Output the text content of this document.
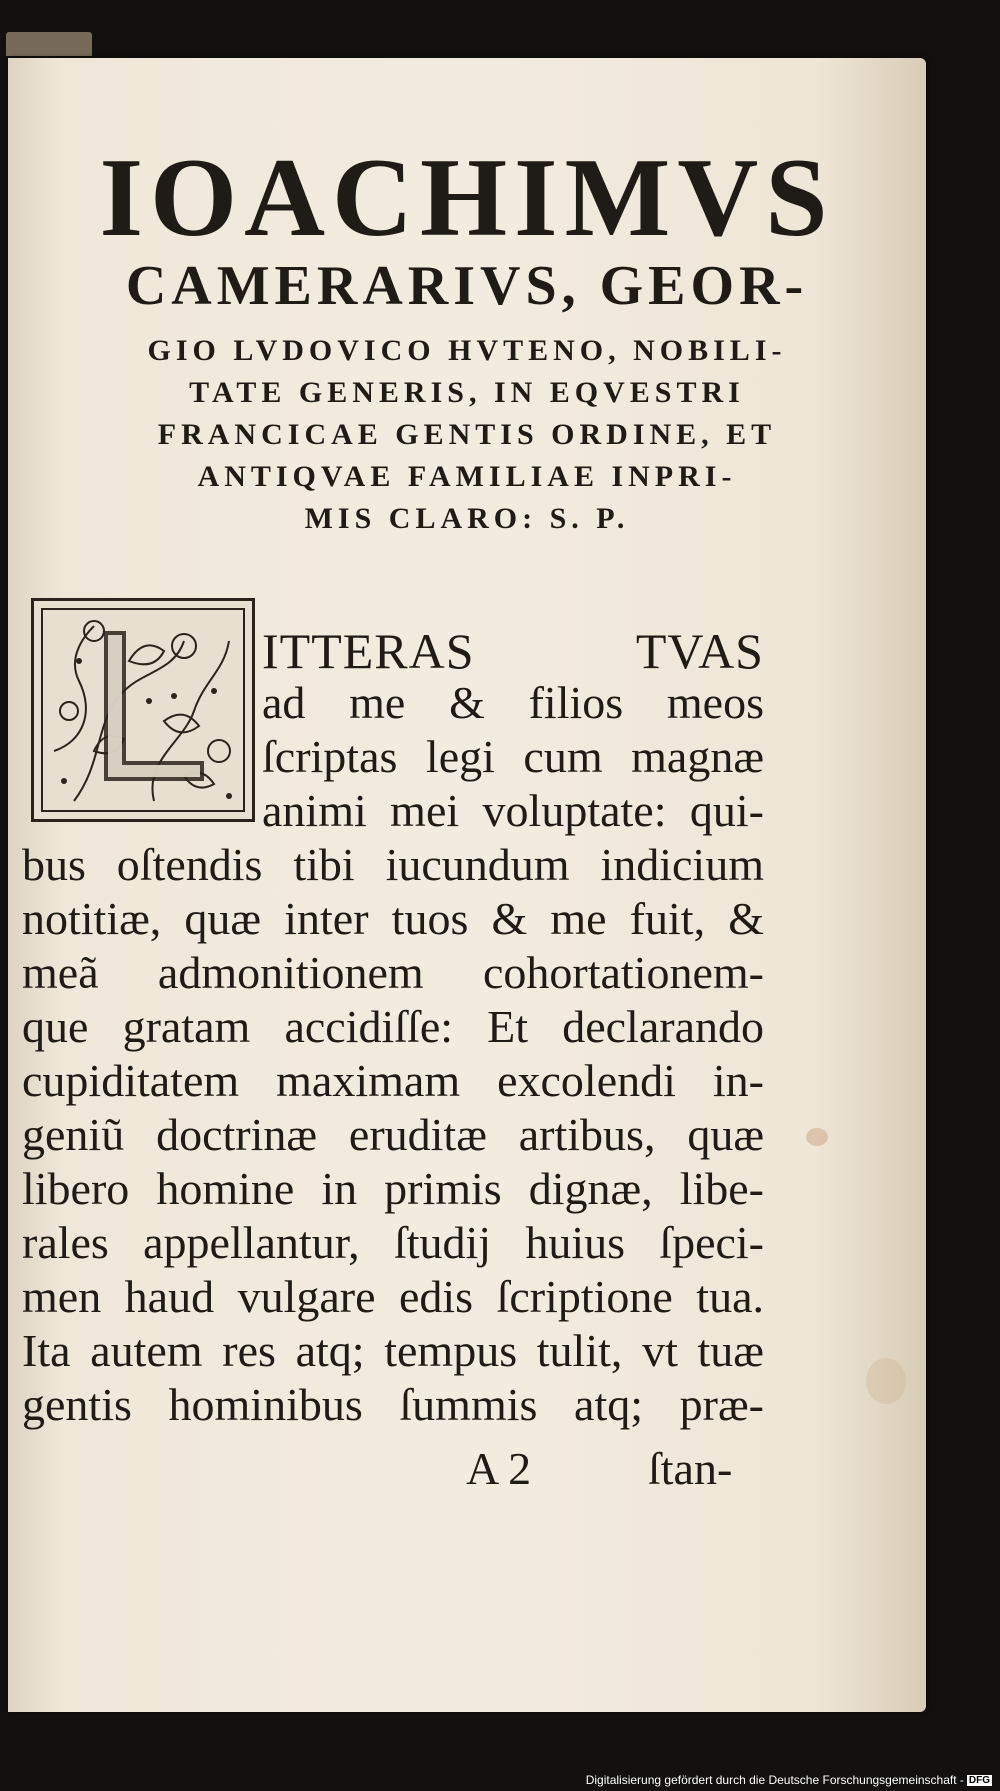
IOACHIMVS
CAMERARIVS, GEOR-

GIO LVDOVICO HVTENO, NOBILI-

TATE GENERIS, IN EQVESTRI

FRANCICAE GENTIS ORDINE, ET

ANTIQVAE FAMILIAE INPRI-

MIS CLARO: S. P.

ITTERAS TVAS

ad me & filios meos

ſcriptas legi cum magnæ

animi mei voluptate: qui-

bus oſtendis tibi iucundum indicium

notitiæ, quæ inter tuos & me fuit, &

meã admonitionem cohortationem-

que gratam accidiſſe: Et declarando

cupiditatem maximam excolendi in-

geniũ doctrinæ eruditæ artibus, quæ

libero homine in primis dignæ, libe-

rales appellantur, ſtudij huius ſpeci-

men haud vulgare edis ſcriptione tua.

Ita autem res atq; tempus tulit, vt tuæ

gentis hominibus ſummis atq; præ-

A 2	ſtan-

Digitalisierung gefördert durch die Deutsche Forschungsgemeinschaft - DFG
